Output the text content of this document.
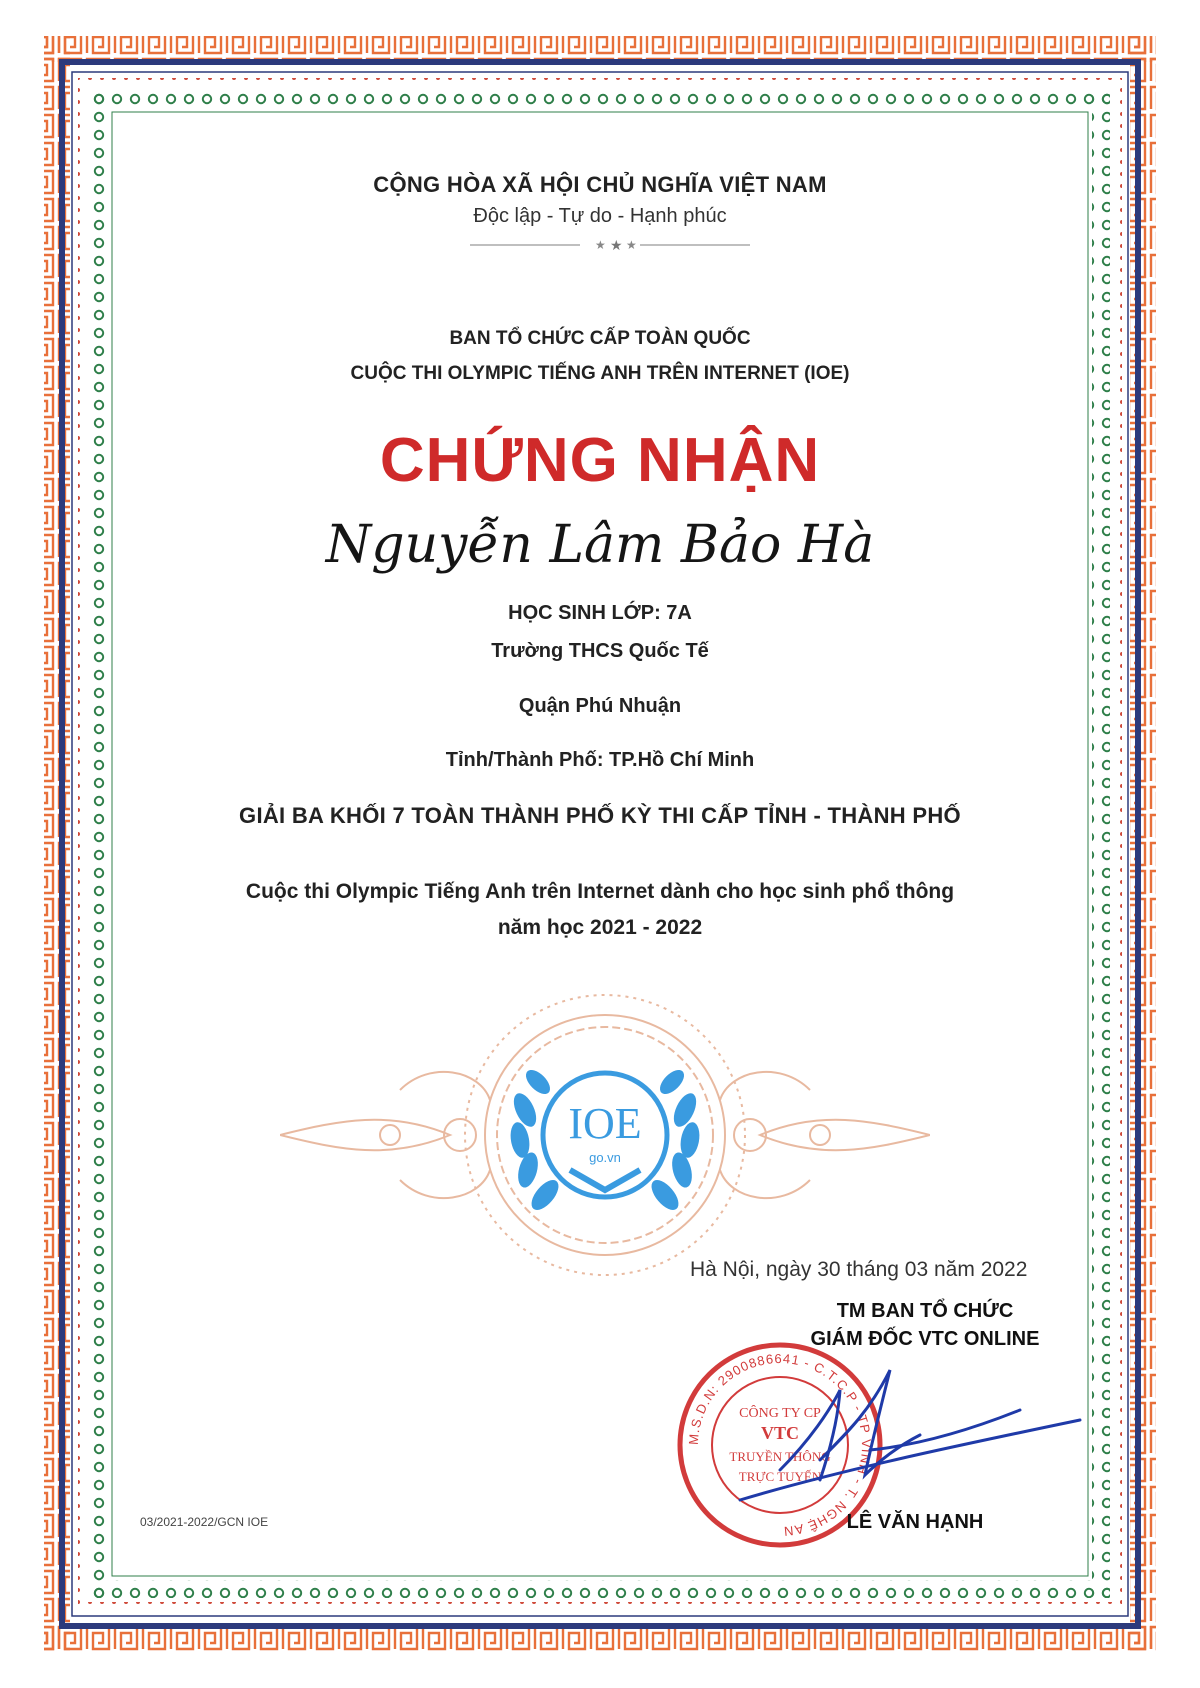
CỘNG HÒA XÃ HỘI CHỦ NGHĨA VIỆT NAM
Độc lập - Tự do - Hạnh phúc
★ ★ ★
BAN TỔ CHỨC CẤP TOÀN QUỐC
CUỘC THI OLYMPIC TIẾNG ANH TRÊN INTERNET (IOE)
CHỨNG NHẬN
Nguyễn Lâm Bảo Hà
HỌC SINH LỚP: 7A
Trường THCS Quốc Tế
Quận Phú Nhuận
Tỉnh/Thành Phố: TP.Hồ Chí Minh
GIẢI BA KHỐI 7 TOÀN THÀNH PHỐ KỲ THI CẤP TỈNH - THÀNH PHỐ
Cuộc thi Olympic Tiếng Anh trên Internet dành cho học sinh phổ thông
năm học 2021 - 2022
IOE
go.vn
Hà Nội, ngày 30 tháng 03 năm 2022
TM BAN TỔ CHỨC
GIÁM ĐỐC VTC ONLINE
M.S.D.N: 2900886641 - C.T.C.P - TP VINH - T. NGHỆ AN
CÔNG TY CP
VTC
TRUYỀN THÔNG
TRỰC TUYẾN
LÊ VĂN HẠNH
03/2021-2022/GCN IOE
